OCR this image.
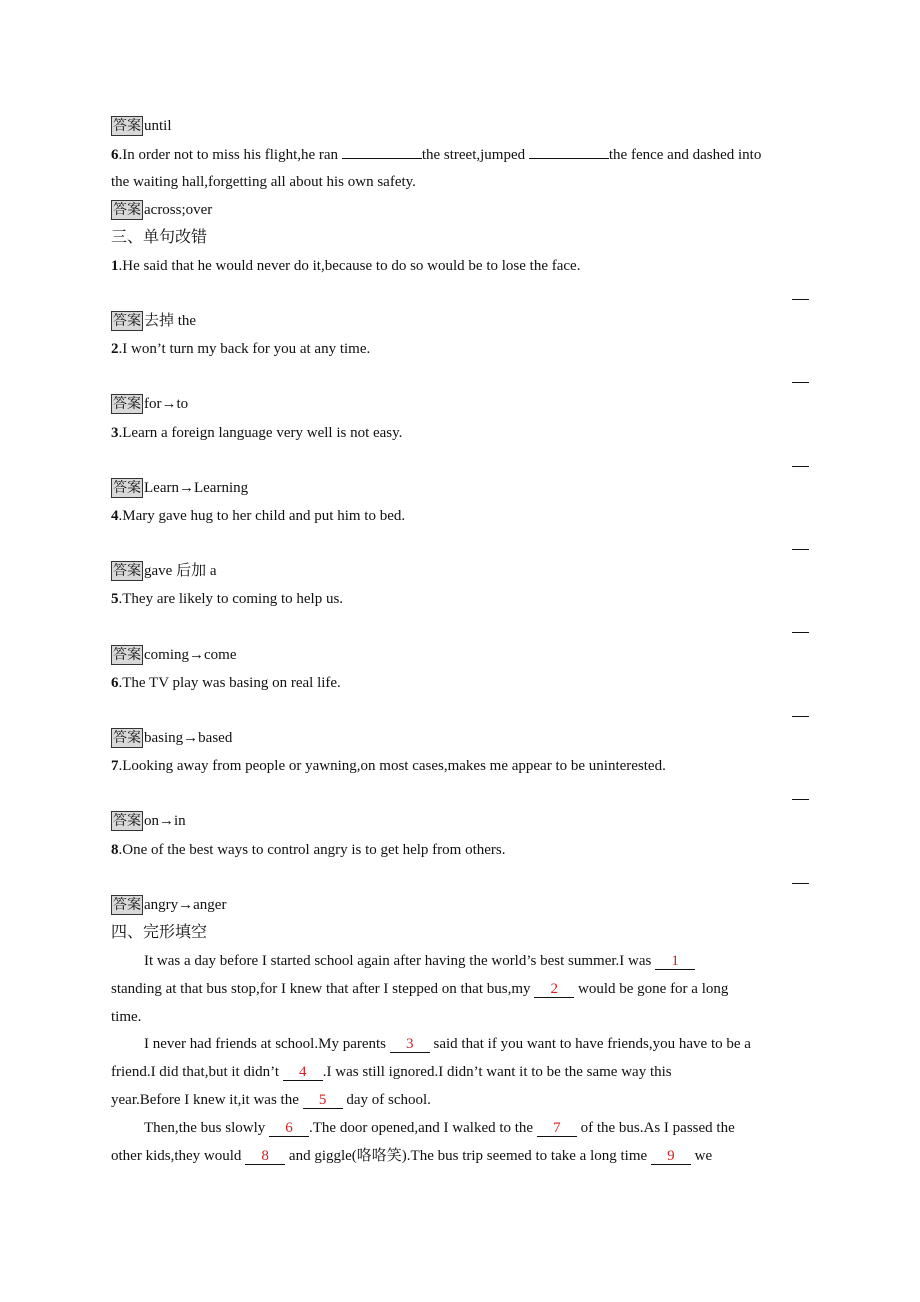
答案 until
6.In order not to miss his flight,he ran	the street,jumped	the fence and dashed into
the waiting hall,forgetting all about his own safety.
答案 across;over
三、单句改错
1.He said that he would never do it,because to do so would be to lose the face.
答案 去掉 the
2.I won’t turn my back for you at any time.
答案 for→to
3.Learn a foreign language very well is not easy.
答案 Learn→Learning
4.Mary gave hug to her child and put him to bed.
答案 gave 后加 a
5.They are likely to coming to help us.
答案 coming→come
6.The TV play was basing on real life.
答案 basing→based
7.Looking away from people or yawning,on most cases,makes me appear to be uninterested.
答案 on→in
8.One of the best ways to control angry is to get help from others.
答案 angry→anger
四、完形填空
It was a day before I started school again after having the world’s best summer.I was 1
standing at that bus stop,for I knew that after I stepped on that bus,my 2 would be gone for a long
time.
I never had friends at school.My parents 3 said that if you want to have friends,you have to be a
friend.I did that,but it didn’t 4 .I was still ignored.I didn’t want it to be the same way this
year.Before I knew it,it was the 5 day of school.
Then,the bus slowly 6 .The door opened,and I walked to the 7 of the bus.As I passed the
other kids,they would 8 and giggle(咯咯笑).The bus trip seemed to take a long time 9 we
